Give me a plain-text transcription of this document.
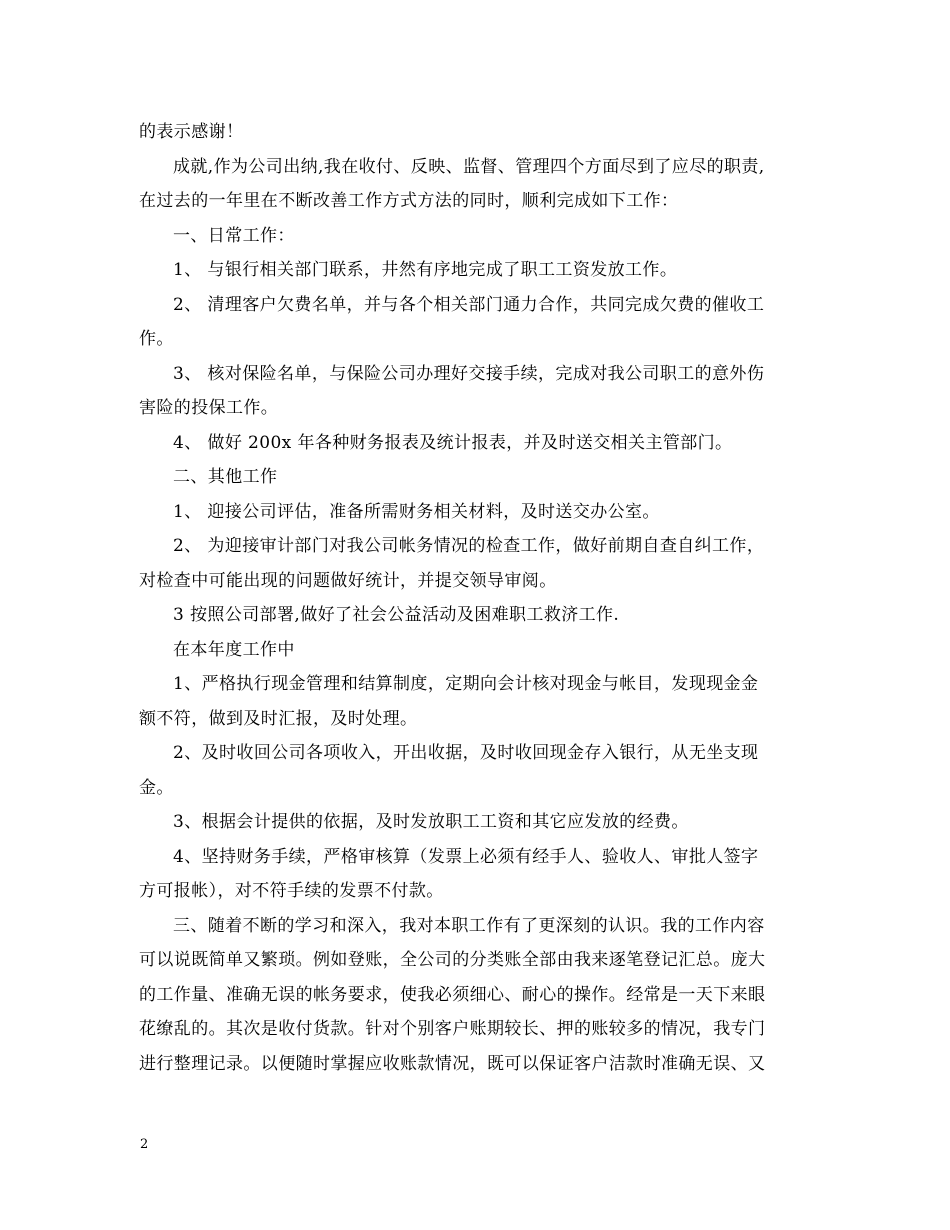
的表示感谢！
成就,作为公司出纳,我在收付、反映、监督、管理四个方面尽到了应尽的职责,
在过去的一年里在不断改善工作方式方法的同时，顺利完成如下工作：
一、日常工作：
1、 与银行相关部门联系，井然有序地完成了职工工资发放工作。
2、 清理客户欠费名单，并与各个相关部门通力合作，共同完成欠费的催收工
作。
3、 核对保险名单，与保险公司办理好交接手续，完成对我公司职工的意外伤
害险的投保工作。
4、 做好 200x 年各种财务报表及统计报表，并及时送交相关主管部门。
二、其他工作
1、 迎接公司评估，准备所需财务相关材料，及时送交办公室。
2、 为迎接审计部门对我公司帐务情况的检查工作，做好前期自查自纠工作，
对检查中可能出现的问题做好统计，并提交领导审阅。
3 按照公司部署,做好了社会公益活动及困难职工救济工作.
在本年度工作中
1、严格执行现金管理和结算制度，定期向会计核对现金与帐目，发现现金金
额不符，做到及时汇报，及时处理。
2、及时收回公司各项收入，开出收据，及时收回现金存入银行，从无坐支现
金。
3、根据会计提供的依据，及时发放职工工资和其它应发放的经费。
4、坚持财务手续，严格审核算（发票上必须有经手人、验收人、审批人签字
方可报帐），对不符手续的发票不付款。
三、随着不断的学习和深入，我对本职工作有了更深刻的认识。我的工作内容
可以说既简单又繁琐。例如登账，全公司的分类账全部由我来逐笔登记汇总。庞大
的工作量、准确无误的帐务要求，使我必须细心、耐心的操作。经常是一天下来眼
花缭乱的。其次是收付货款。针对个别客户账期较长、押的账较多的情况，我专门
进行整理记录。以便随时掌握应收账款情况，既可以保证客户洁款时准确无误、又
2
